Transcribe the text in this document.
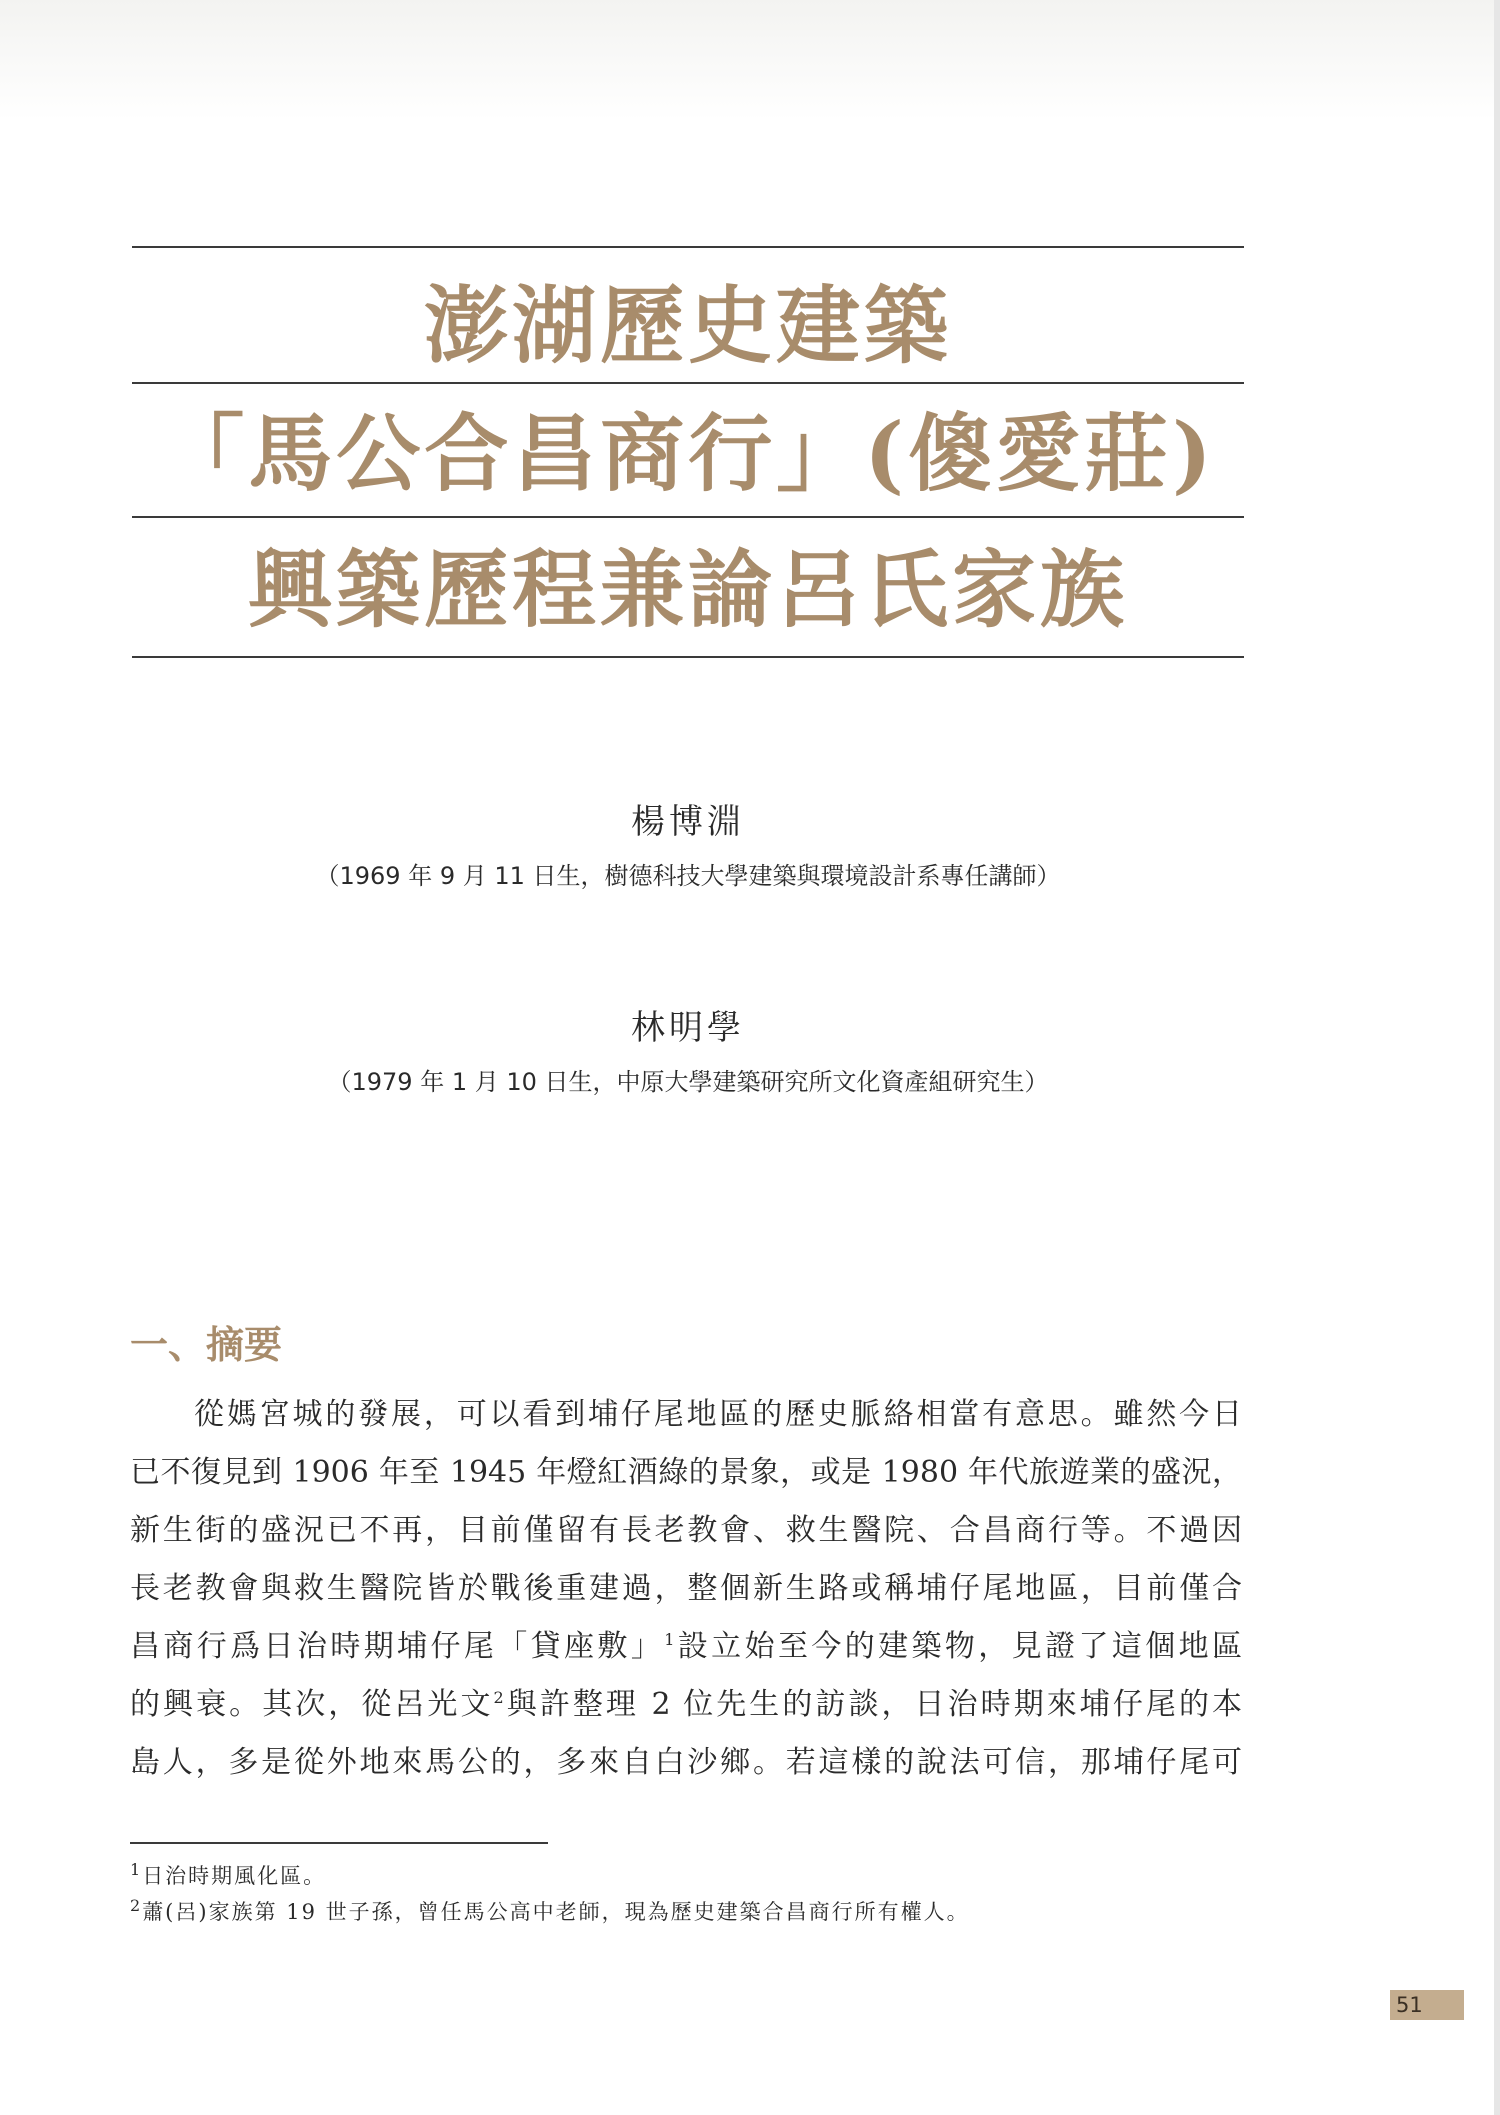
澎湖歷史建築
「馬公合昌商行」(傻愛莊)
興築歷程兼論呂氏家族
楊博淵
（1969 年 9 月 11 日生，樹德科技大學建築與環境設計系專任講師）
林明學
（1979 年 1 月 10 日生，中原大學建築研究所文化資產組研究生）
一、摘要
從媽宮城的發展，可以看到埔仔尾地區的歷史脈絡相當有意思。雖然今日
已不復見到 1906 年至 1945 年燈紅酒綠的景象，或是 1980 年代旅遊業的盛況，
新生街的盛況已不再，目前僅留有長老教會、救生醫院、合昌商行等。不過因
長老教會與救生醫院皆於戰後重建過，整個新生路或稱埔仔尾地區，目前僅合
昌商行爲日治時期埔仔尾「貸座敷」$^1$設立始至今的建築物，見證了這個地區
的興衰。其次，從呂光文$^2$與許整理 2 位先生的訪談，日治時期來埔仔尾的本
島人，多是從外地來馬公的，多來自白沙鄉。若這樣的說法可信，那埔仔尾可
$^1$日治時期風化區。
$^2$蕭(呂)家族第 19 世子孫，曾任馬公高中老師，現為歷史建築合昌商行所有權人。
51
